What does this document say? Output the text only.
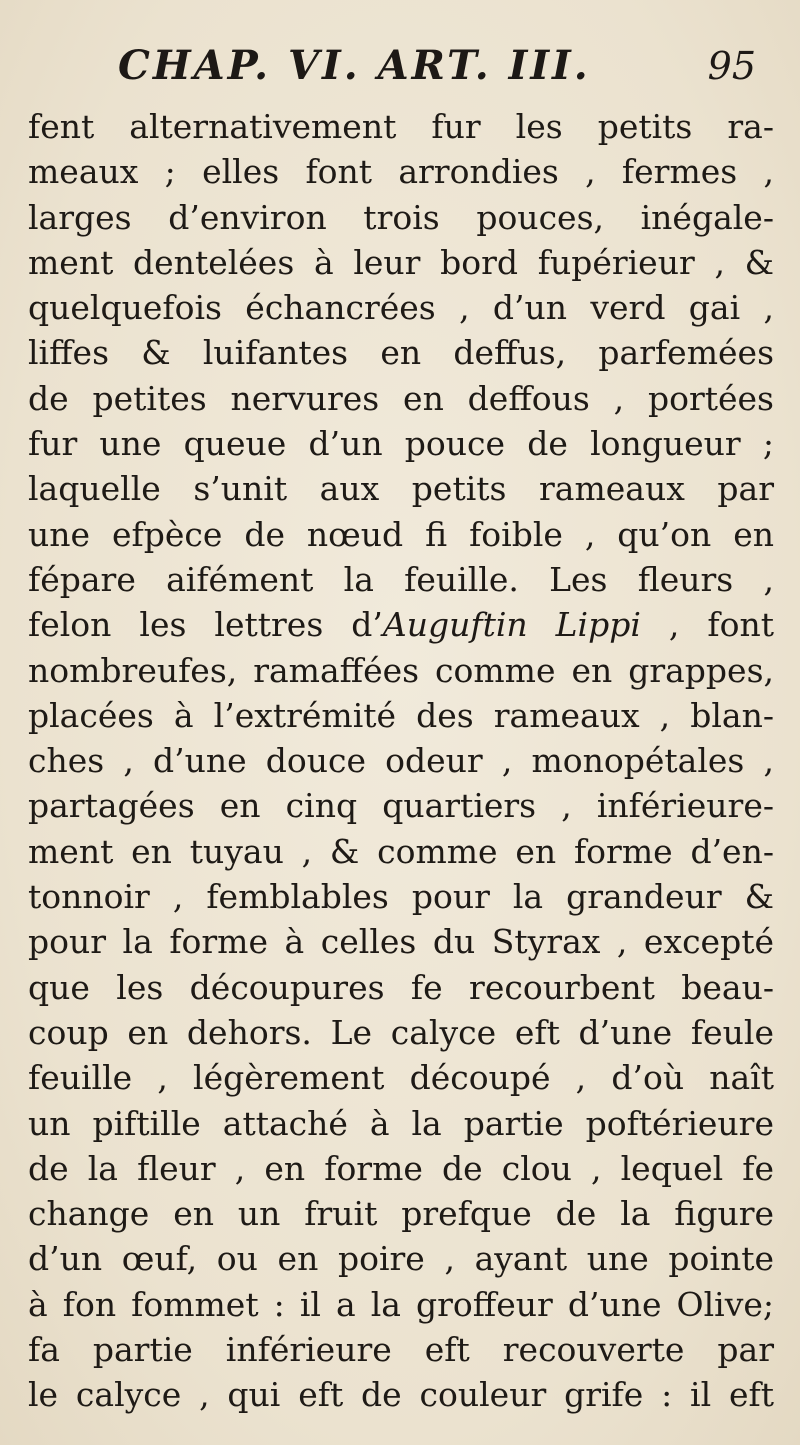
CHAP. VI. ART. III.	95
fent alternativement fur les petits ra-
meaux ; elles font arrondies , fermes ,
larges d’environ trois pouces, inégale-
ment dentelées à leur bord fupérieur , &
quelquefois échancrées , d’un verd gai ,
liffes & luifantes en deffus, parfemées
de petites nervures en deffous , portées
fur une queue d’un pouce de longueur ;
laquelle s’unit aux petits rameaux par
une efpèce de nœud fi foible , qu’on en
fépare aifément la feuille. Les fleurs ,
felon les lettres d’Auguftin Lippi , font
nombreufes, ramaffées comme en grappes,
placées à l’extrémité des rameaux , blan-
ches , d’une douce odeur , monopétales ,
partagées en cinq quartiers , inférieure-
ment en tuyau , & comme en forme d’en-
tonnoir , femblables pour la grandeur &
pour la forme à celles du Styrax , excepté
que les découpures fe recourbent beau-
coup en dehors. Le calyce eft d’une feule
feuille , légèrement découpé , d’où naît
un piftille attaché à la partie poftérieure
de la fleur , en forme de clou , lequel fe
change en un fruit prefque de la figure
d’un œuf, ou en poire , ayant une pointe
à fon fommet : il a la groffeur d’une Olive;
fa partie inférieure eft recouverte par
le calyce , qui eft de couleur grife : il eft
